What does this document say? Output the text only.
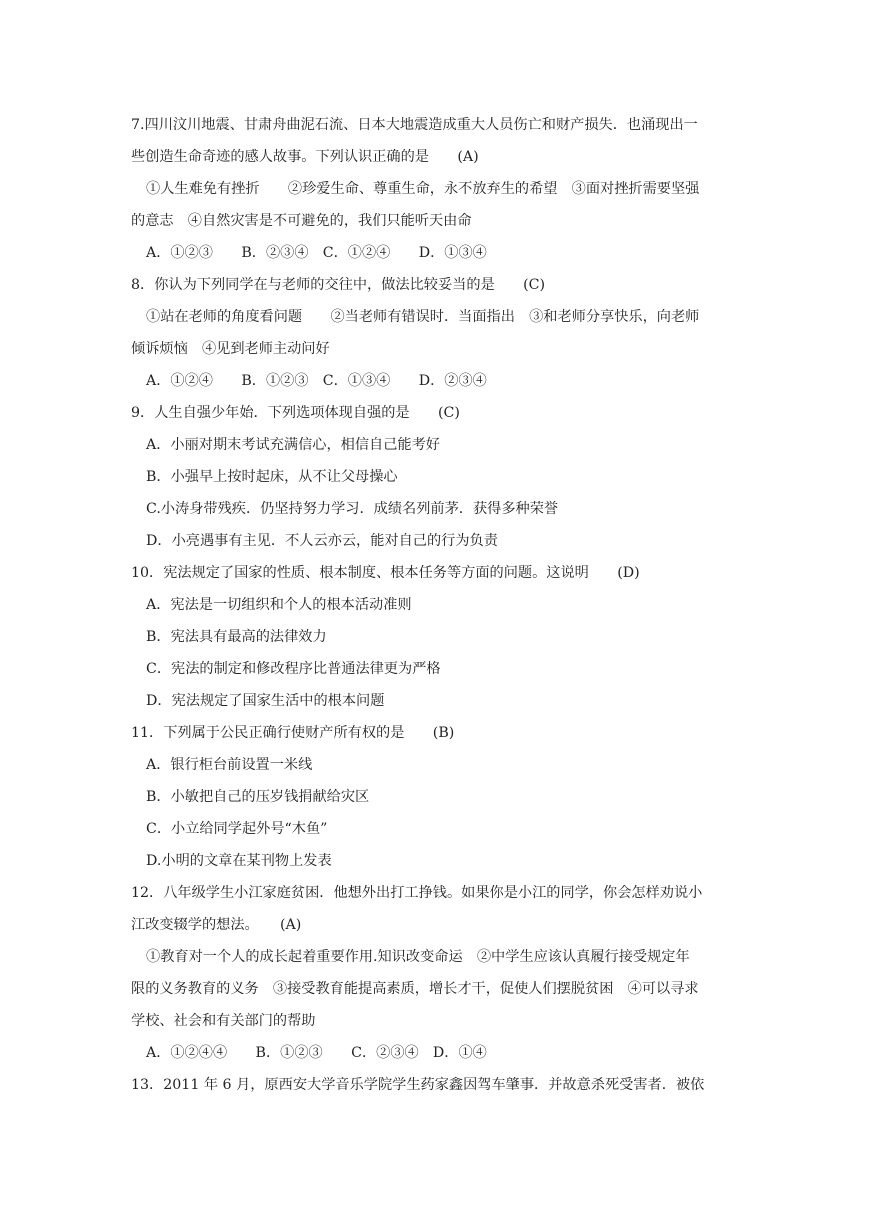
7.四川汶川地震、甘肃舟曲泥石流、日本大地震造成重大人员伤亡和财产损失．也涌现出一
些创造生命奇迹的感人故事。下列认识正确的是　　(A)
①人生难免有挫折　　②珍爱生命、尊重生命，永不放弃生的希望　③面对挫折需要坚强
的意志　④自然灾害是不可避免的，我们只能听天由命
A．①②③　　B．②③④　C．①②④　　D．①③④
8．你认为下列同学在与老师的交往中，做法比较妥当的是　　(C)
①站在老师的角度看问题　　②当老师有错误时．当面指出　③和老师分享快乐，向老师
倾诉烦恼　④见到老师主动问好
A．①②④　　B．①②③　C．①③④　　D．②③④
9．人生自强少年始．下列选项体现自强的是　　(C)
A．小丽对期末考试充满信心，相信自己能考好
B．小强早上按时起床，从不让父母操心
C.小涛身带残疾．仍坚持努力学习．成绩名列前茅．获得多种荣誉
D．小亮遇事有主见．不人云亦云，能对自己的行为负责
10．宪法规定了国家的性质、根本制度、根本任务等方面的问题。这说明　　(D)
A．宪法是一切组织和个人的根本活动准则
B．宪法具有最高的法律效力
C．宪法的制定和修改程序比普通法律更为严格
D．宪法规定了国家生活中的根本问题
11．下列属于公民正确行使财产所有权的是　　(B)
A．银行柜台前设置一米线
B．小敏把自己的压岁钱捐献给灾区
C．小立给同学起外号“木鱼”
D.小明的文章在某刊物上发表
12．八年级学生小江家庭贫困．他想外出打工挣钱。如果你是小江的同学，你会怎样劝说小
江改变辍学的想法。　　(A)
①教育对一个人的成长起着重要作用.知识改变命运　②中学生应该认真履行接受规定年
限的义务教育的义务　③接受教育能提高素质，增长才干，促使人们摆脱贫困　④可以寻求
学校、社会和有关部门的帮助
A．①②④④　　B．①②③　　C．②③④　D．①④
13．2011 年 6 月，原西安大学音乐学院学生药家鑫因驾车肇事．并故意杀死受害者．被依
